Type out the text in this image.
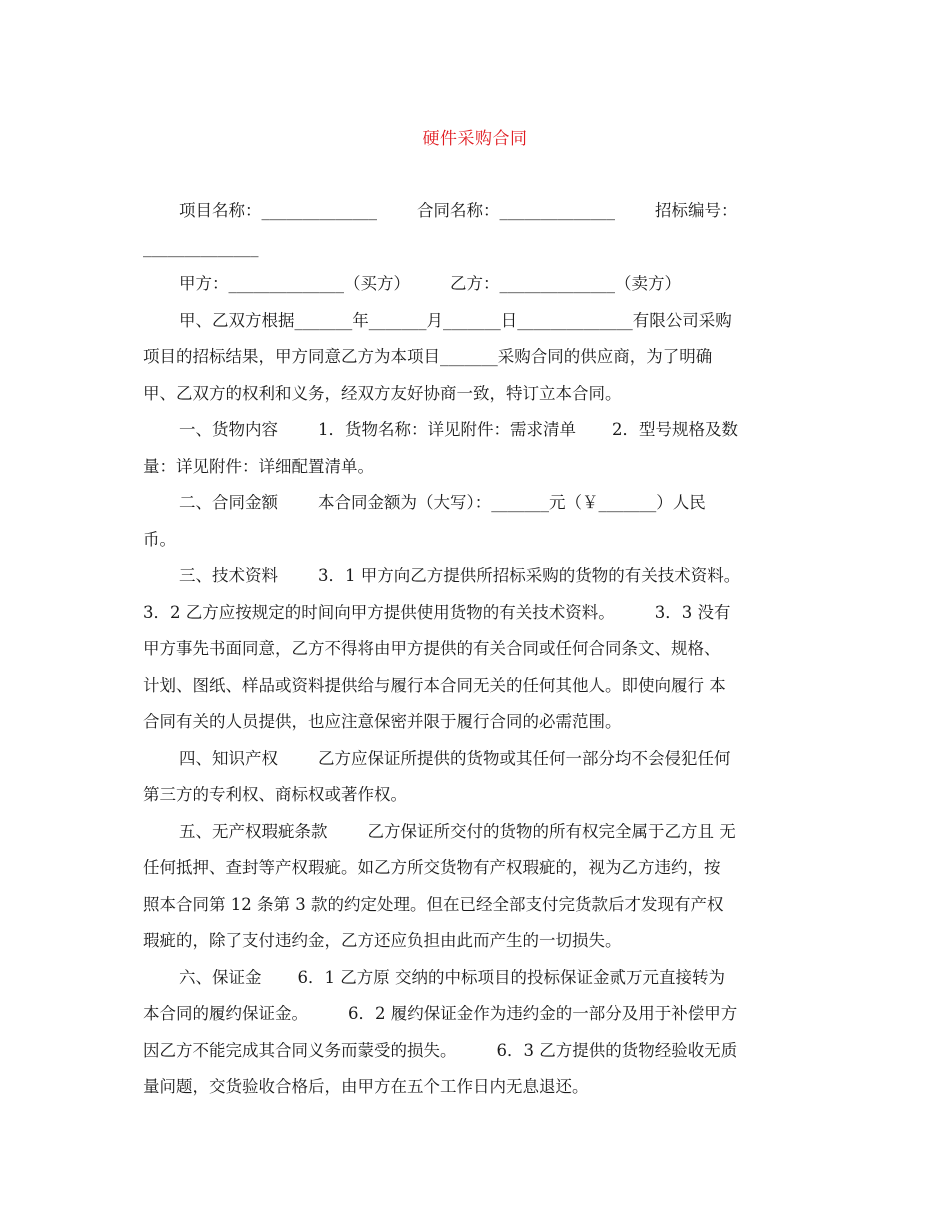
硬件采购合同
项目名称：______________ 合同名称：______________ 招标编号：
______________
甲方：______________（买方） 乙方：______________（卖方）
甲、乙双方根据_______年_______月_______日______________有限公司采购
项目的招标结果，甲方同意乙方为本项目_______采购合同的供应商，为了明确
甲、乙双方的权利和义务，经双方友好协商一致，特订立本合同。
一、货物内容 1．货物名称：详见附件：需求清单 2．型号规格及数
量：详见附件：详细配置清单。
二、合同金额 本合同金额为（大写）：_______元（￥_______）人民
币。
三、技术资料 3．1 甲方向乙方提供所招标采购的货物的有关技术资料。
3．2 乙方应按规定的时间向甲方提供使用货物的有关技术资料。 3．3 没有
甲方事先书面同意，乙方不得将由甲方提供的有关合同或任何合同条文、规格、
计划、图纸、样品或资料提供给与履行本合同无关的任何其他人。即使向履行 本
合同有关的人员提供，也应注意保密并限于履行合同的必需范围。
四、知识产权 乙方应保证所提供的货物或其任何一部分均不会侵犯任何
第三方的专利权、商标权或著作权。
五、无产权瑕疵条款 乙方保证所交付的货物的所有权完全属于乙方且 无
任何抵押、查封等产权瑕疵。如乙方所交货物有产权瑕疵的，视为乙方违约，按
照本合同第 12 条第 3 款的约定处理。但在已经全部支付完货款后才发现有产权
瑕疵的，除了支付违约金，乙方还应负担由此而产生的一切损失。
六、保证金 6．1 乙方原 交纳的中标项目的投标保证金贰万元直接转为
本合同的履约保证金。 6．2 履约保证金作为违约金的一部分及用于补偿甲方
因乙方不能完成其合同义务而蒙受的损失。 6．3 乙方提供的货物经验收无质
量问题，交货验收合格后，由甲方在五个工作日内无息退还。
